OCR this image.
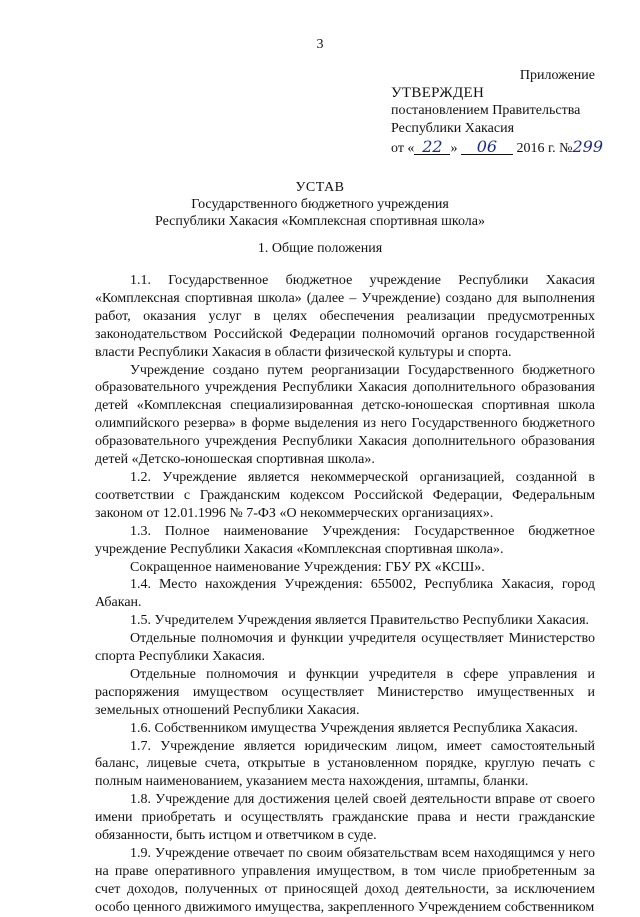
3
Приложение
УТВЕРЖДЕН
постановлением Правительства
Республики Хакасия
от « 22 » 06 2016 г. №299
УСТАВ
Государственного бюджетного учреждения
Республики Хакасия «Комплексная спортивная школа»
1. Общие положения

1.1. Государственное бюджетное учреждение Республики Хакасия «Комплексная спортивная школа» (далее – Учреждение) создано для выполнения работ, оказания услуг в целях обеспечения реализации предусмотренных законодательством Российской Федерации полномочий органов государственной власти Республики Хакасия в области физической культуры и спорта.

Учреждение создано путем реорганизации Государственного бюджетного образовательного учреждения Республики Хакасия дополнительного образования детей «Комплексная специализированная детско-юношеская спортивная школа олимпийского резерва» в форме выделения из него Государственного бюджетного образовательного учреждения Республики Хакасия дополнительного образования детей «Детско-юношеская спортивная школа».

1.2. Учреждение является некоммерческой организацией, созданной в соответствии с Гражданским кодексом Российской Федерации, Федеральным законом от 12.01.1996 № 7-ФЗ «О некоммерческих организациях».

1.3. Полное наименование Учреждения: Государственное бюджетное учреждение Республики Хакасия «Комплексная спортивная школа».

Сокращенное наименование Учреждения: ГБУ РХ «КСШ».

1.4. Место нахождения Учреждения: 655002, Республика Хакасия, город Абакан.

1.5. Учредителем Учреждения является Правительство Республики Хакасия.

Отдельные полномочия и функции учредителя осуществляет Министерство спорта Республики Хакасия.

Отдельные полномочия и функции учредителя в сфере управления и распоряжения имуществом осуществляет Министерство имущественных и земельных отношений Республики Хакасия.

1.6. Собственником имущества Учреждения является Республика Хакасия.

1.7. Учреждение является юридическим лицом, имеет самостоятельный баланс, лицевые счета, открытые в установленном порядке, круглую печать с полным наименованием, указанием места нахождения, штампы, бланки.

1.8. Учреждение для достижения целей своей деятельности вправе от своего имени приобретать и осуществлять гражданские права и нести гражданские обязанности, быть истцом и ответчиком в суде.

1.9. Учреждение отвечает по своим обязательствам всем находящимся у него на праве оперативного управления имуществом, в том числе приобретенным за счет доходов, полученных от приносящей доход деятельности, за исключением особо ценного движимого имущества, закрепленного Учреждением собственником
